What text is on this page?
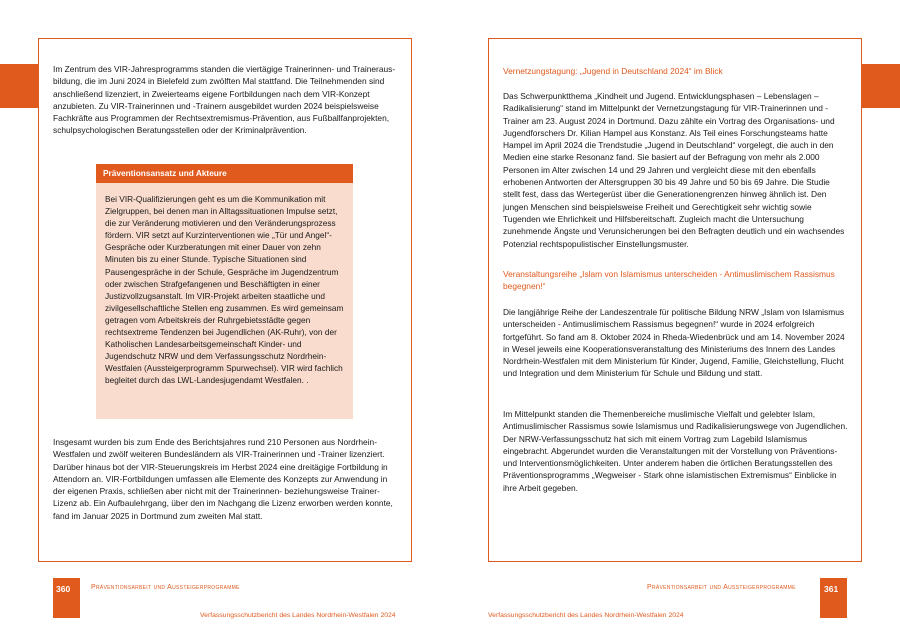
Im Zentrum des VIR-Jahresprogramms standen die viertägige Trainerinnen- und Trainerausbildung, die im Juni 2024 in Bielefeld zum zwölften Mal stattfand. Die Teilnehmenden sind anschließend lizenziert, in Zweierteams eigene Fortbildungen nach dem VIR-Konzept anzubieten. Zu VIR-Trainerinnen und -Trainern ausgebildet wurden 2024 beispielsweise Fachkräfte aus Programmen der Rechtsextremismus-Prävention, aus Fußballfanprojekten, schulpsychologischen Beratungsstellen oder der Kriminalprävention.

Präventionsansatz und Akteure
Bei VIR-Qualifizierungen geht es um die Kommunikation mit Zielgruppen, bei denen man in Alltagssituationen Impulse setzt, die zur Veränderung motivieren und den Veränderungsprozess fördern. VIR setzt auf Kurzinterventionen wie „Tür und Angel“-Gespräche oder Kurzberatungen mit einer Dauer von zehn Minuten bis zu einer Stunde. Typische Situationen sind Pausengespräche in der Schule, Gespräche im Jugendzentrum oder zwischen Strafgefangenen und Beschäftigten in einer Justizvollzugsanstalt. Im VIR-Projekt arbeiten staatliche und zivilgesellschaftliche Stellen eng zusammen. Es wird gemeinsam getragen vom Arbeitskreis der Ruhrgebietsstädte gegen rechtsextreme Tendenzen bei Jugendlichen (AK-Ruhr), von der Katholischen Landesarbeitsgemeinschaft Kinder- und Jugendschutz NRW und dem Verfassungsschutz Nordrhein-Westfalen (Aussteigerprogramm Spurwechsel). VIR wird fachlich begleitet durch das LWL-Landesjugendamt Westfalen. .

Insgesamt wurden bis zum Ende des Berichtsjahres rund 210 Personen aus Nordrhein-Westfalen und zwölf weiteren Bundesländern als VIR-Trainerinnen und -Trainer lizenziert. Darüber hinaus bot der VIR-Steuerungskreis im Herbst 2024 eine dreitägige Fortbildung in Attendorn an. VIR-Fortbildungen umfassen alle Elemente des Konzepts zur Anwendung in der eigenen Praxis, schließen aber nicht mit der Trainerinnen- beziehungsweise Trainer-Lizenz ab. Ein Aufbaulehrgang, über den im Nachgang die Lizenz erworben werden konnte, fand im Januar 2025 in Dortmund zum zweiten Mal statt.

360	Präventionsarbeit und Aussteigerprogramme
Verfassungsschutzbericht des Landes Nordrhein-Westfalen 2024

Vernetzungstagung: „Jugend in Deutschland 2024“ im Blick

Das Schwerpunktthema „Kindheit und Jugend. Entwicklungsphasen – Lebenslagen – Radikalisierung“ stand im Mittelpunkt der Vernetzungstagung für VIR-Trainerinnen und -Trainer am 23. August 2024 in Dortmund. Dazu zählte ein Vortrag des Organisations- und Jugendforschers Dr. Kilian Hampel aus Konstanz. Als Teil eines Forschungsteams hatte Hampel im April 2024 die Trendstudie „Jugend in Deutschland“ vorgelegt, die auch in den Medien eine starke Resonanz fand. Sie basiert auf der Befragung von mehr als 2.000 Personen im Alter zwischen 14 und 29 Jahren und vergleicht diese mit den ebenfalls erhobenen Antworten der Altersgruppen 30 bis 49 Jahre und 50 bis 69 Jahre. Die Studie stellt fest, dass das Wertegerüst über die Generationengrenzen hinweg ähnlich ist. Den jungen Menschen sind beispielsweise Freiheit und Gerechtigkeit sehr wichtig sowie Tugenden wie Ehrlichkeit und Hilfsbereitschaft. Zugleich macht die Untersuchung zunehmende Ängste und Verunsicherungen bei den Befragten deutlich und ein wachsendes Potenzial rechtspopulistischer Einstellungsmuster.

Veranstaltungsreihe „Islam von Islamismus unterscheiden - Antimuslimischem Rassismus begegnen!“

Die langjährige Reihe der Landeszentrale für politische Bildung NRW „Islam von Islamismus unterscheiden - Antimuslimischem Rassismus begegnen!“ wurde in 2024 erfolgreich fortgeführt. So fand am 8. Oktober 2024 in Rheda-Wiedenbrück und am 14. November 2024 in Wesel jeweils eine Kooperationsveranstaltung des Ministeriums des Innern des Landes Nordrhein-Westfalen mit dem Ministerium für Kinder, Jugend, Familie, Gleichstellung, Flucht und Integration und dem Ministerium für Schule und Bildung und statt.

Im Mittelpunkt standen die Themenbereiche muslimische Vielfalt und gelebter Islam, Antimuslimischer Rassismus sowie Islamismus und Radikalisierungswege von Jugendlichen. Der NRW-Verfassungsschutz hat sich mit einem Vortrag zum Lagebild Islamismus eingebracht. Abgerundet wurden die Veranstaltungen mit der Vorstellung von Präventions- und Interventionsmöglichkeiten. Unter anderem haben die örtlichen Beratungsstellen des Präventionsprogramms „Wegweiser - Stark ohne islamistischen Extremismus“ Einblicke in ihre Arbeit gegeben.

361
Präventionsarbeit und Aussteigerprogramme
Verfassungsschutzbericht des Landes Nordrhein-Westfalen 2024
